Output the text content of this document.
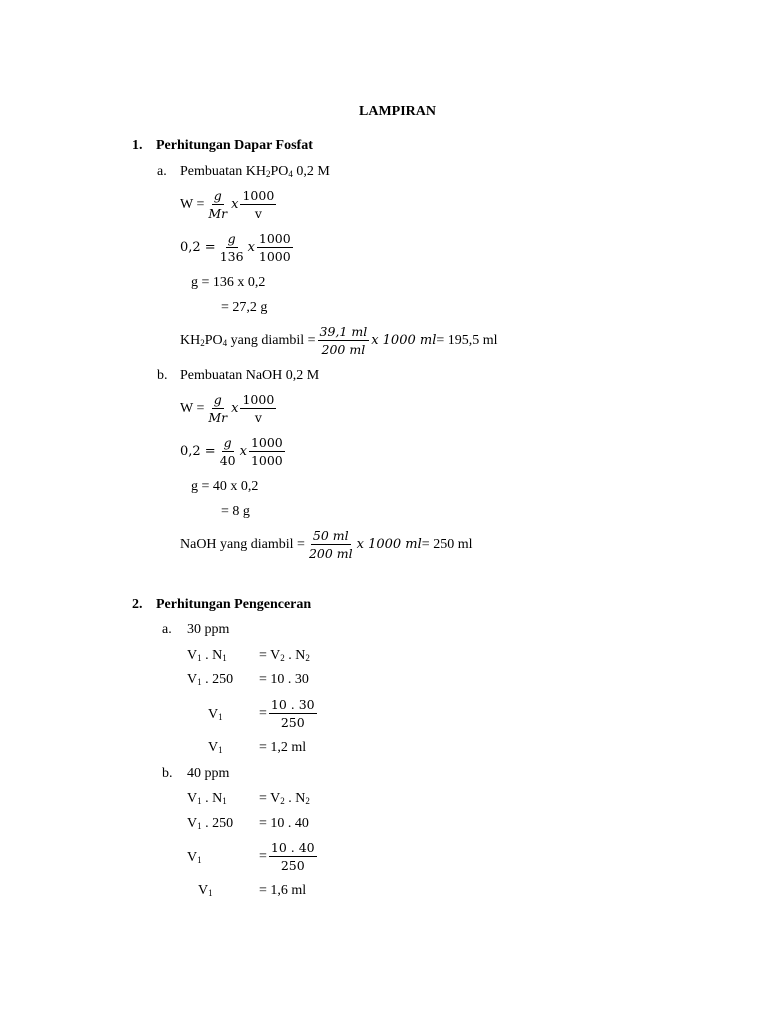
LAMPIRAN
1. Perhitungan Dapar Fosfat
a. Pembuatan $KH_2PO_4$ 0,2 M
$W = \frac{g}{Mr}$ x $\frac{1000}{v}$
$0,2 = \frac{g}{136}$ x $\frac{1000}{1000}$
g = 136 x 0,2
= 27,2 g
$KH_2PO_4$ yang diambil = $\frac{39,1 ml}{200 ml}$ x 1000 ml = 195,5 ml
b. Pembuatan NaOH 0,2 M
$W = \frac{g}{Mr}$ x $\frac{1000}{v}$
$0,2 = \frac{g}{40}$ x $\frac{1000}{1000}$
g = 40 x 0,2
= 8 g
NaOH yang diambil = $\frac{50 ml}{200 ml}$ x 1000 ml = 250 ml
2. Perhitungan Pengenceran
a. 30 ppm
$V_1$ . $N_1 = V_2$ . $N_2$
$V_1$ . 250 = 10 . 30
$V_1$	= $\frac{10 . 30}{250}$
$V_1$	= 1,2 ml
b. 40 ppm
$V_1$ . $N_1 = V_2$ . $N_2$
$V_1$ . 250 = 10 . 40
$V_1$	= $\frac{10 . 40}{250}$
$V_1$	= 1,6 ml
